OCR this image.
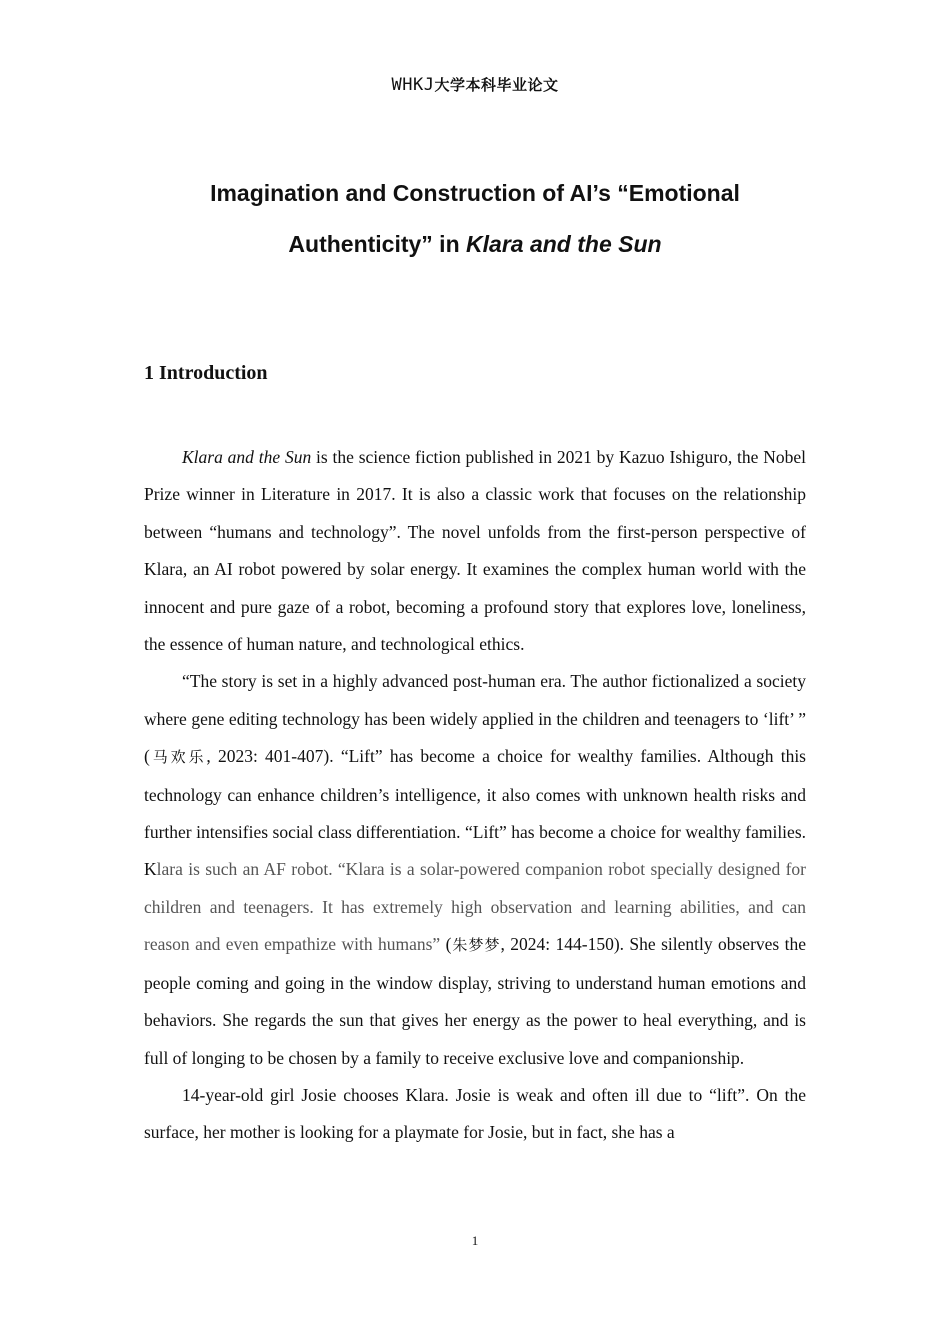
WHKJ大学本科毕业论文
Imagination and Construction of AI’s “Emotional
Authenticity” in Klara and the Sun
1 Introduction

Klara and the Sun is the science fiction published in 2021 by Kazuo Ishiguro, the Nobel Prize winner in Literature in 2017. It is also a classic work that focuses on the relationship between “humans and technology”. The novel unfolds from the first-person perspective of Klara, an AI robot powered by solar energy. It examines the complex human world with the innocent and pure gaze of a robot, becoming a profound story that explores love, loneliness, the essence of human nature, and technological ethics.

“The story is set in a highly advanced post-human era. The author fictionalized a society where gene editing technology has been widely applied in the children and teenagers to ‘lift’ ” (马欢乐, 2023: 401-407). “Lift” has become a choice for wealthy families. Although this technology can enhance children’s intelligence, it also comes with unknown health risks and further intensifies social class differentiation. “Lift” has become a choice for wealthy families. Klara is such an AF robot. “Klara is a solar-powered companion robot specially designed for children and teenagers. It has extremely high observation and learning abilities, and can reason and even empathize with humans” (朱梦梦, 2024: 144-150). She silently observes the people coming and going in the window display, striving to understand human emotions and behaviors. She regards the sun that gives her energy as the power to heal everything, and is full of longing to be chosen by a family to receive exclusive love and companionship.

14-year-old girl Josie chooses Klara. Josie is weak and often ill due to “lift”. On the surface, her mother is looking for a playmate for Josie, but in fact, she has a

1
